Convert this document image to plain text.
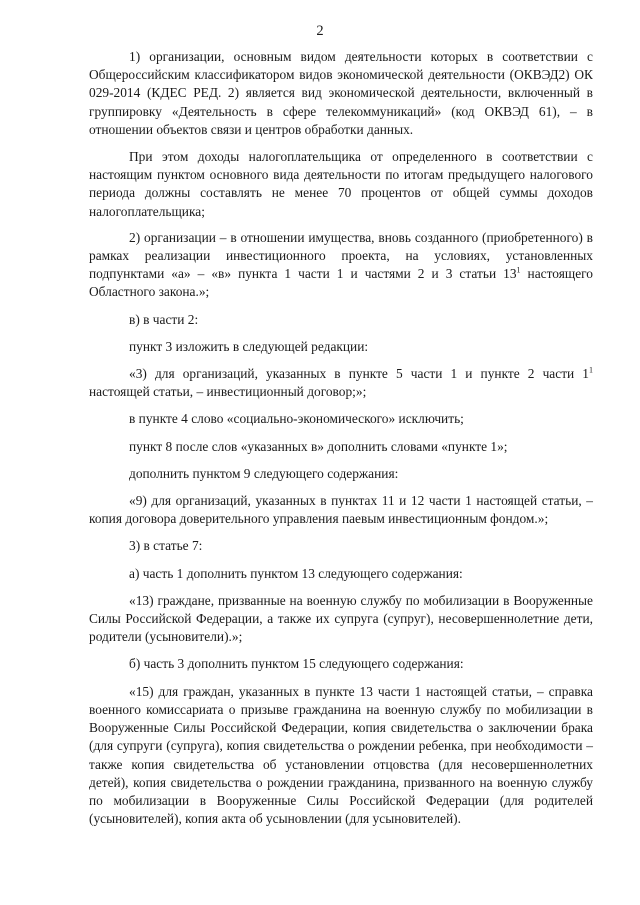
2

1) организации, основным видом деятельности которых в соответствии с Общероссийским классификатором видов экономической деятельности (ОКВЭД2) ОК 029-2014 (КДЕС РЕД. 2) является вид экономической деятельности, включенный в группировку «Деятельность в сфере телекоммуникаций» (код ОКВЭД 61), – в отношении объектов связи и центров обработки данных.

При этом доходы налогоплательщика от определенного в соответствии с настоящим пунктом основного вида деятельности по итогам предыдущего налогового периода должны составлять не менее 70 процентов от общей суммы доходов налогоплательщика;

2) организации – в отношении имущества, вновь созданного (приобретенного) в рамках реализации инвестиционного проекта, на условиях, установленных подпунктами «а» – «в» пункта 1 части 1 и частями 2 и 3 статьи $13^1$ настоящего Областного закона.»;

в) в части 2:

пункт 3 изложить в следующей редакции:

«3) для организаций, указанных в пункте 5 части 1 и пункте 2 части $1^1$ настоящей статьи, – инвестиционный договор;»;

в пункте 4 слово «социально-экономического» исключить;

пункт 8 после слов «указанных в» дополнить словами «пункте 1»;

дополнить пунктом 9 следующего содержания:

«9) для организаций, указанных в пунктах 11 и 12 части 1 настоящей статьи, – копия договора доверительного управления паевым инвестиционным фондом.»;

3) в статье 7:

а) часть 1 дополнить пунктом 13 следующего содержания:

«13) граждане, призванные на военную службу по мобилизации в Вооруженные Силы Российской Федерации, а также их супруга (супруг), несовершеннолетние дети, родители (усыновители).»;

б) часть 3 дополнить пунктом 15 следующего содержания:

«15) для граждан, указанных в пункте 13 части 1 настоящей статьи, – справка военного комиссариата о призыве гражданина на военную службу по мобилизации в Вооруженные Силы Российской Федерации, копия свидетельства о заключении брака (для супруги (супруга), копия свидетельства о рождении ребенка, при необходимости – также копия свидетельства об установлении отцовства (для несовершеннолетних детей), копия свидетельства о рождении гражданина, призванного на военную службу по мобилизации в Вооруженные Силы Российской Федерации (для родителей (усыновителей), копия акта об усыновлении (для усыновителей).
